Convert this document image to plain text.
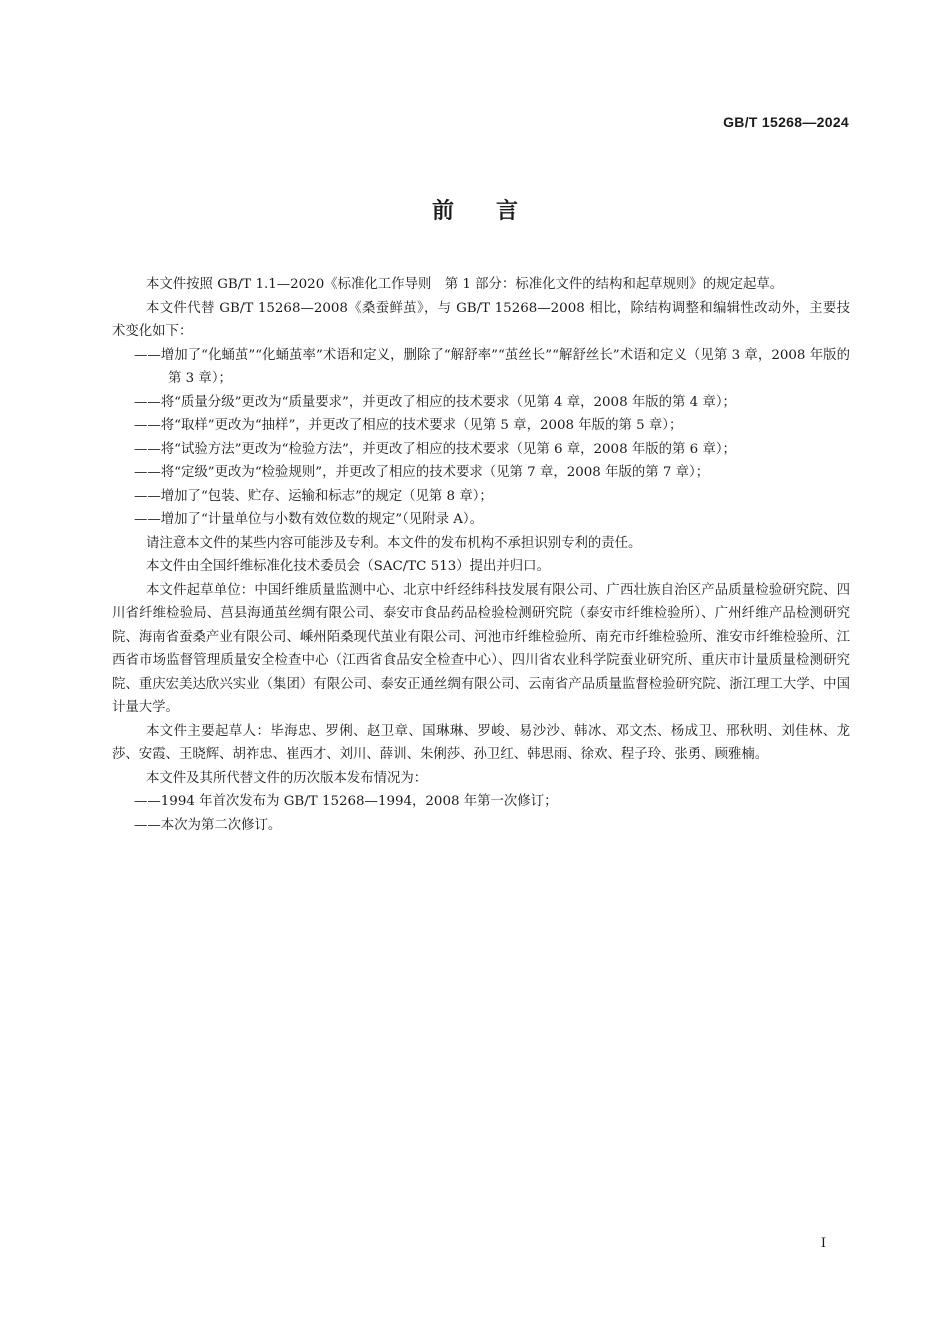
GB/T 15268—2024
前言

本文件按照 GB/T 1.1—2020《标准化工作导则　第 1 部分：标准化文件的结构和起草规则》的规定起草。

本文件代替 GB/T 15268—2008《桑蚕鲜茧》，与 GB/T 15268—2008 相比，除结构调整和编辑性改动外，主要技术变化如下：

——增加了“化蛹茧”“化蛹茧率”术语和定义，删除了“解舒率”“茧丝长”“解舒丝长”术语和定义（见第 3 章，2008 年版的第 3 章）；

——将“质量分级”更改为“质量要求”，并更改了相应的技术要求（见第 4 章，2008 年版的第 4 章）；

——将“取样”更改为“抽样”，并更改了相应的技术要求（见第 5 章，2008 年版的第 5 章）；

——将“试验方法”更改为“检验方法”，并更改了相应的技术要求（见第 6 章，2008 年版的第 6 章）；

——将“定级”更改为“检验规则”，并更改了相应的技术要求（见第 7 章，2008 年版的第 7 章）；

——增加了“包装、贮存、运输和标志”的规定（见第 8 章）；

——增加了“计量单位与小数有效位数的规定”（见附录 A）。

请注意本文件的某些内容可能涉及专利。本文件的发布机构不承担识别专利的责任。

本文件由全国纤维标准化技术委员会（SAC/TC 513）提出并归口。

本文件起草单位：中国纤维质量监测中心、北京中纤经纬科技发展有限公司、广西壮族自治区产品质量检验研究院、四川省纤维检验局、莒县海通茧丝绸有限公司、泰安市食品药品检验检测研究院（泰安市纤维检验所）、广州纤维产品检测研究院、海南省蚕桑产业有限公司、嵊州陌桑现代茧业有限公司、河池市纤维检验所、南充市纤维检验所、淮安市纤维检验所、江西省市场监督管理质量安全检查中心（江西省食品安全检查中心）、四川省农业科学院蚕业研究所、重庆市计量质量检测研究院、重庆宏美达欣兴实业（集团）有限公司、泰安正通丝绸有限公司、云南省产品质量监督检验研究院、浙江理工大学、中国计量大学。

本文件主要起草人：毕海忠、罗俐、赵卫章、国琳琳、罗峻、易沙沙、韩冰、邓文杰、杨成卫、邢秋明、刘佳林、龙莎、安霞、王晓辉、胡祚忠、崔西才、刘川、薛训、朱俐莎、孙卫红、韩思雨、徐欢、程子玲、张勇、顾雅楠。

本文件及其所代替文件的历次版本发布情况为：

——1994 年首次发布为 GB/T 15268—1994，2008 年第一次修订；

——本次为第二次修订。

I
